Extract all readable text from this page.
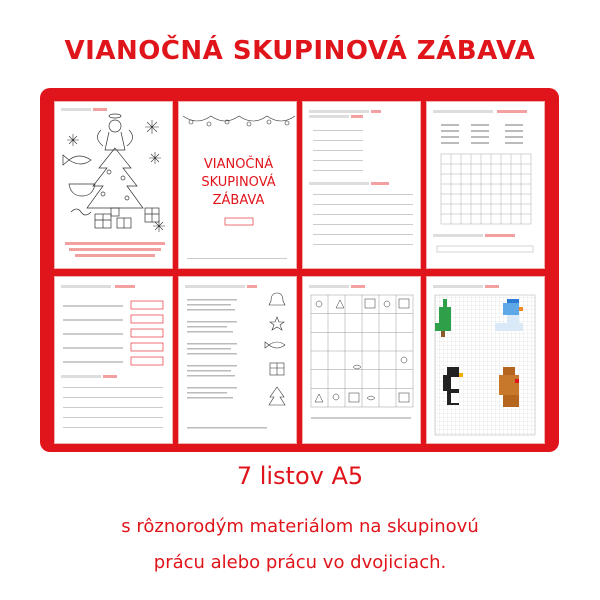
VIANOČNÁ SKUPINOVÁ ZÁBAVA
VIANOČNÁ
SKUPINOVÁ
ZÁBAVA
7 listov A5
s rôznorodým materiálom na skupinovú
prácu alebo prácu vo dvojiciach.
